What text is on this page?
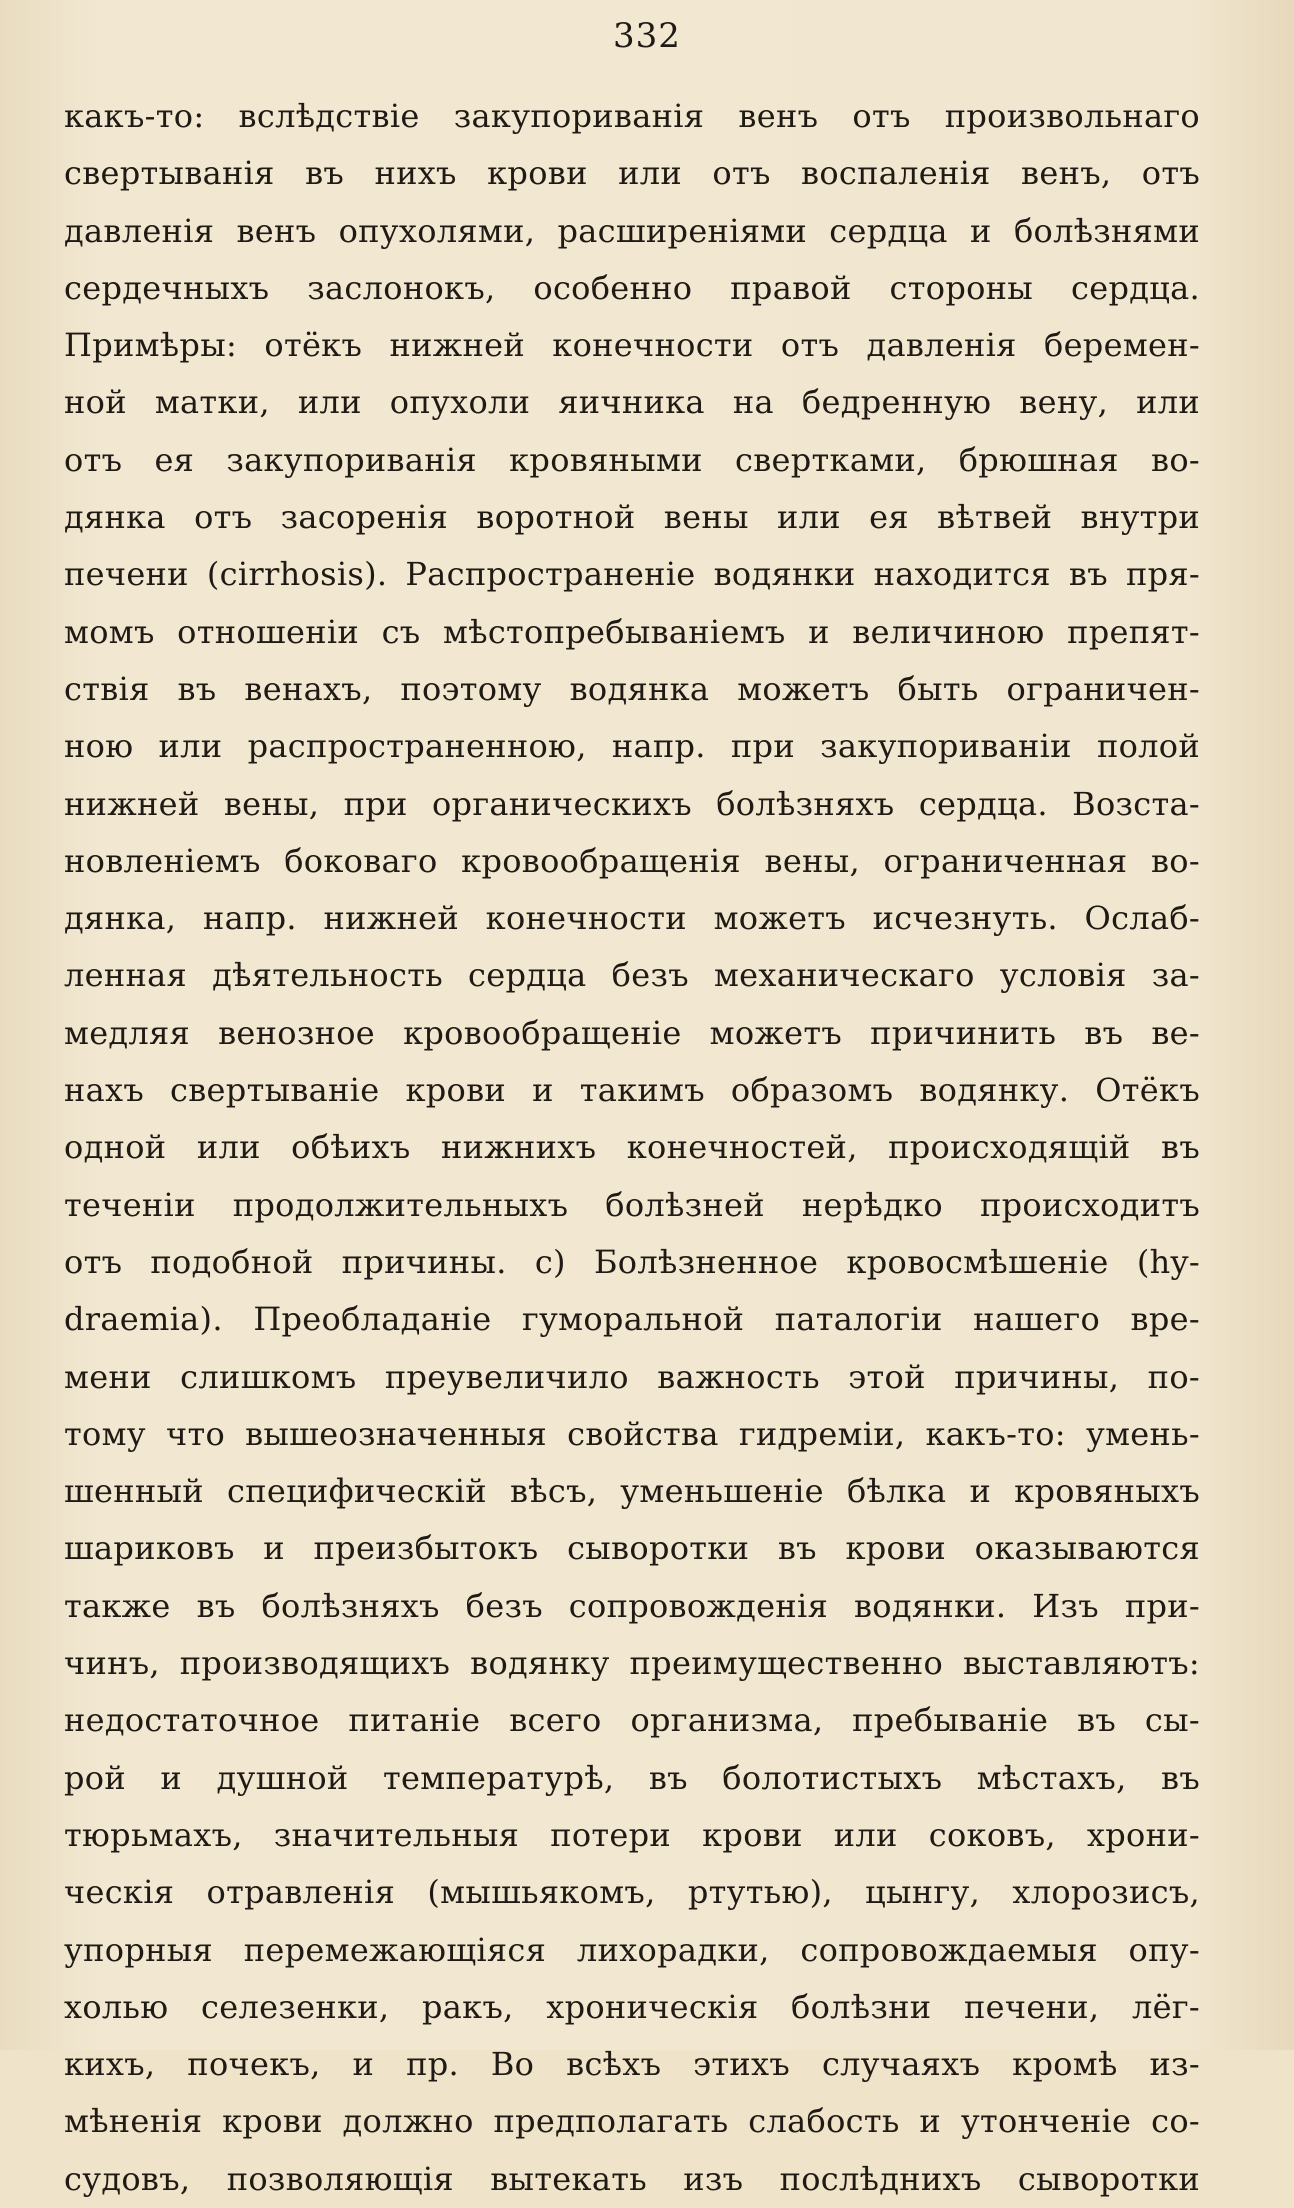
332
какъ-то: вслѣдствіе закупориванія венъ отъ произвольнаго
свертыванія въ нихъ крови или отъ воспаленія венъ, отъ
давленія венъ опухолями, расширеніями сердца и болѣзнями
сердечныхъ заслонокъ, особенно правой стороны сердца.
Примѣры: отёкъ нижней конечности отъ давленія беремен-
ной матки, или опухоли яичника на бедренную вену, или
отъ ея закупориванія кровяными свертками, брюшная во-
дянка отъ засоренія воротной вены или ея вѣтвей внутри
печени (cirrhosis). Распространеніе водянки находится въ пря-
момъ отношеніи съ мѣстопребываніемъ и величиною препят-
ствія въ венахъ, поэтому водянка можетъ быть ограничен-
ною или распространенною, напр. при закупориваніи полой
нижней вены, при органическихъ болѣзняхъ сердца. Возста-
новленіемъ боковаго кровообращенія вены, ограниченная во-
дянка, напр. нижней конечности можетъ исчезнуть. Ослаб-
ленная дѣятельность сердца безъ механическаго условія за-
медляя венозное кровообращеніе можетъ причинить въ ве-
нахъ свертываніе крови и такимъ образомъ водянку. Отёкъ
одной или обѣихъ нижнихъ конечностей, происходящій въ
теченіи продолжительныхъ болѣзней нерѣдко происходитъ
отъ подобной причины. с) Болѣзненное кровосмѣшеніе (hy-
draemia). Преобладаніе гуморальной паталогіи нашего вре-
мени слишкомъ преувеличило важность этой причины, по-
тому что вышеозначенныя свойства гидреміи, какъ-то: умень-
шенный специфическій вѣсъ, уменьшеніе бѣлка и кровяныхъ
шариковъ и преизбытокъ сыворотки въ крови оказываются
также въ болѣзняхъ безъ сопровожденія водянки. Изъ при-
чинъ, производящихъ водянку преимущественно выставляютъ:
недостаточное питаніе всего организма, пребываніе въ сы-
рой и душной температурѣ, въ болотистыхъ мѣстахъ, въ
тюрьмахъ, значительныя потери крови или соковъ, хрони-
ческія отравленія (мышьякомъ, ртутью), цынгу, хлорозисъ,
упорныя перемежающіяся лихорадки, сопровождаемыя опу-
холью селезенки, ракъ, хроническія болѣзни печени, лёг-
кихъ, почекъ, и пр. Во всѣхъ этихъ случаяхъ кромѣ из-
мѣненія крови должно предполагать слабость и утонченіе со-
судовъ, позволяющія вытекать изъ послѣднихъ сыворотки
